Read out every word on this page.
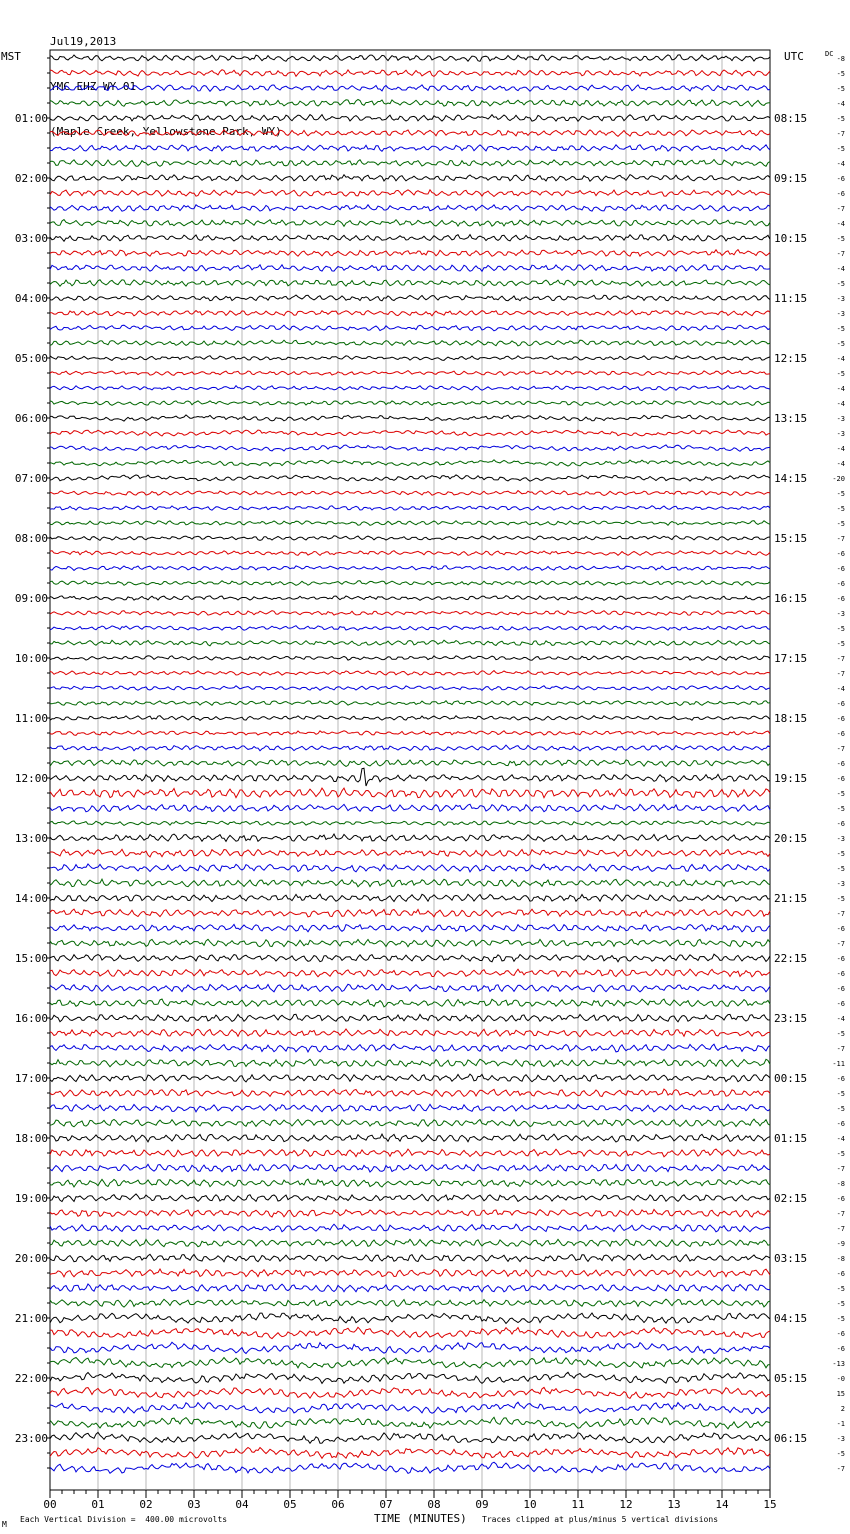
Jul19,2013

YMC EHZ WY 01

(Maple Creek, Yellowstone Park, WY)

MST	UTC	-8
-5
-5
-4
-5
-7
-5
-4
-6
-6
-7
-4
-5
-7
-4
-5
-3
-3
-5
-5
-4
-5
-4
-4
-3
-3
-4
-4
-20
-5
-5
-5
-7
-6
-6
-6
-6
-3
-5
-5
-7
-7
-4
-6
-6
-6
-7
-6
-6
-5
-5
-6
-3
-5
-5
-3
-5
-7
-6
-7
-6
-6
-6
-6
-4
-5
-7
-11
-6
-5
-5
-6
-4
-5
-7
-8
-6
-7
-7
-9
-8
-6
-5
-5
-5
-6
-6
-13
-0
15
2
-1
-3
-5
-7
DC
01:00
02:00
03:00
04:00
05:00
06:00
07:00
08:00
09:00
10:00
11:00
12:00
13:00
14:00
15:00
16:00
17:00
18:00
19:00
20:00
21:00
22:00
23:00
08:15
09:15
10:15
11:15
12:15
13:15
14:15
15:15
16:15
17:15
18:15
19:15
20:15
21:15
22:15
23:15
00:15
01:15
02:15
03:15
04:15
05:15
06:15
00	01	02	03	04	05	06	07	08	09	10	11	12	13	14	15
TIME (MINUTES)
M
Each Vertical Division =  400.00 microvolts	Traces clipped at plus/minus 5 vertical divisions
